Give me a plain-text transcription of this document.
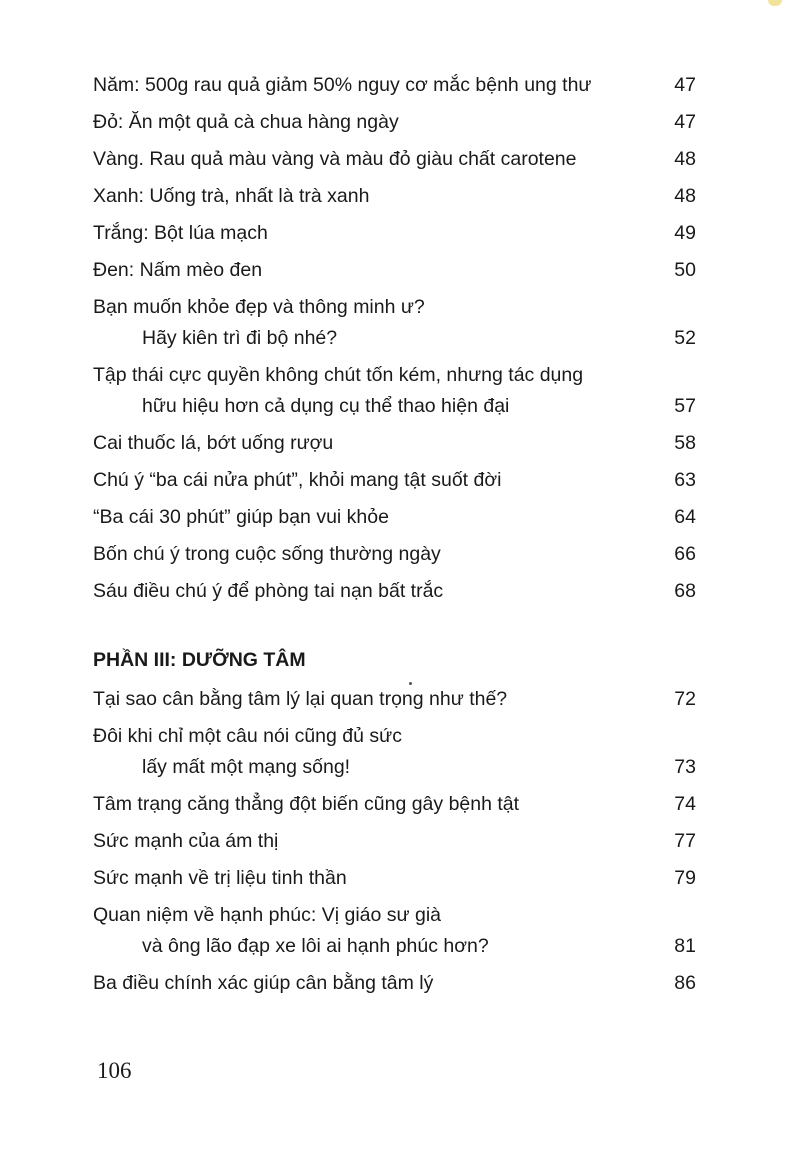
Năm: 500g rau quả giảm 50% nguy cơ mắc bệnh ung thư	47
Đỏ: Ăn một quả cà chua hàng ngày	47
Vàng. Rau quả màu vàng và màu đỏ giàu chất carotene	48
Xanh: Uống trà, nhất là trà xanh	48
Trắng: Bột lúa mạch	49
Đen: Nấm mèo đen	50
Bạn muốn khỏe đẹp và thông minh ư?
Hãy kiên trì đi bộ nhé?	52
Tập thái cực quyền không chút tốn kém, nhưng tác dụng
hữu hiệu hơn cả dụng cụ thể thao hiện đại	57
Cai thuốc lá, bớt uống rượu	58
Chú ý “ba cái nửa phút”, khỏi mang tật suốt đời	63
“Ba cái 30 phút” giúp bạn vui khỏe	64
Bốn chú ý trong cuộc sống thường ngày	66
Sáu điều chú ý để phòng tai nạn bất trắc	68
PHẦN III: DƯỠNG TÂM
Tại sao cân bằng tâm lý lại quan trọng như thế?	72
Đôi khi chỉ một câu nói cũng đủ sức
lấy mất một mạng sống!	73
Tâm trạng căng thẳng đột biến cũng gây bệnh tật	74
Sức mạnh của ám thị	77
Sức mạnh về trị liệu tinh thần	79
Quan niệm về hạnh phúc: Vị giáo sư già
và ông lão đạp xe lôi ai hạnh phúc hơn?	81
Ba điều chính xác giúp cân bằng tâm lý	86
106
